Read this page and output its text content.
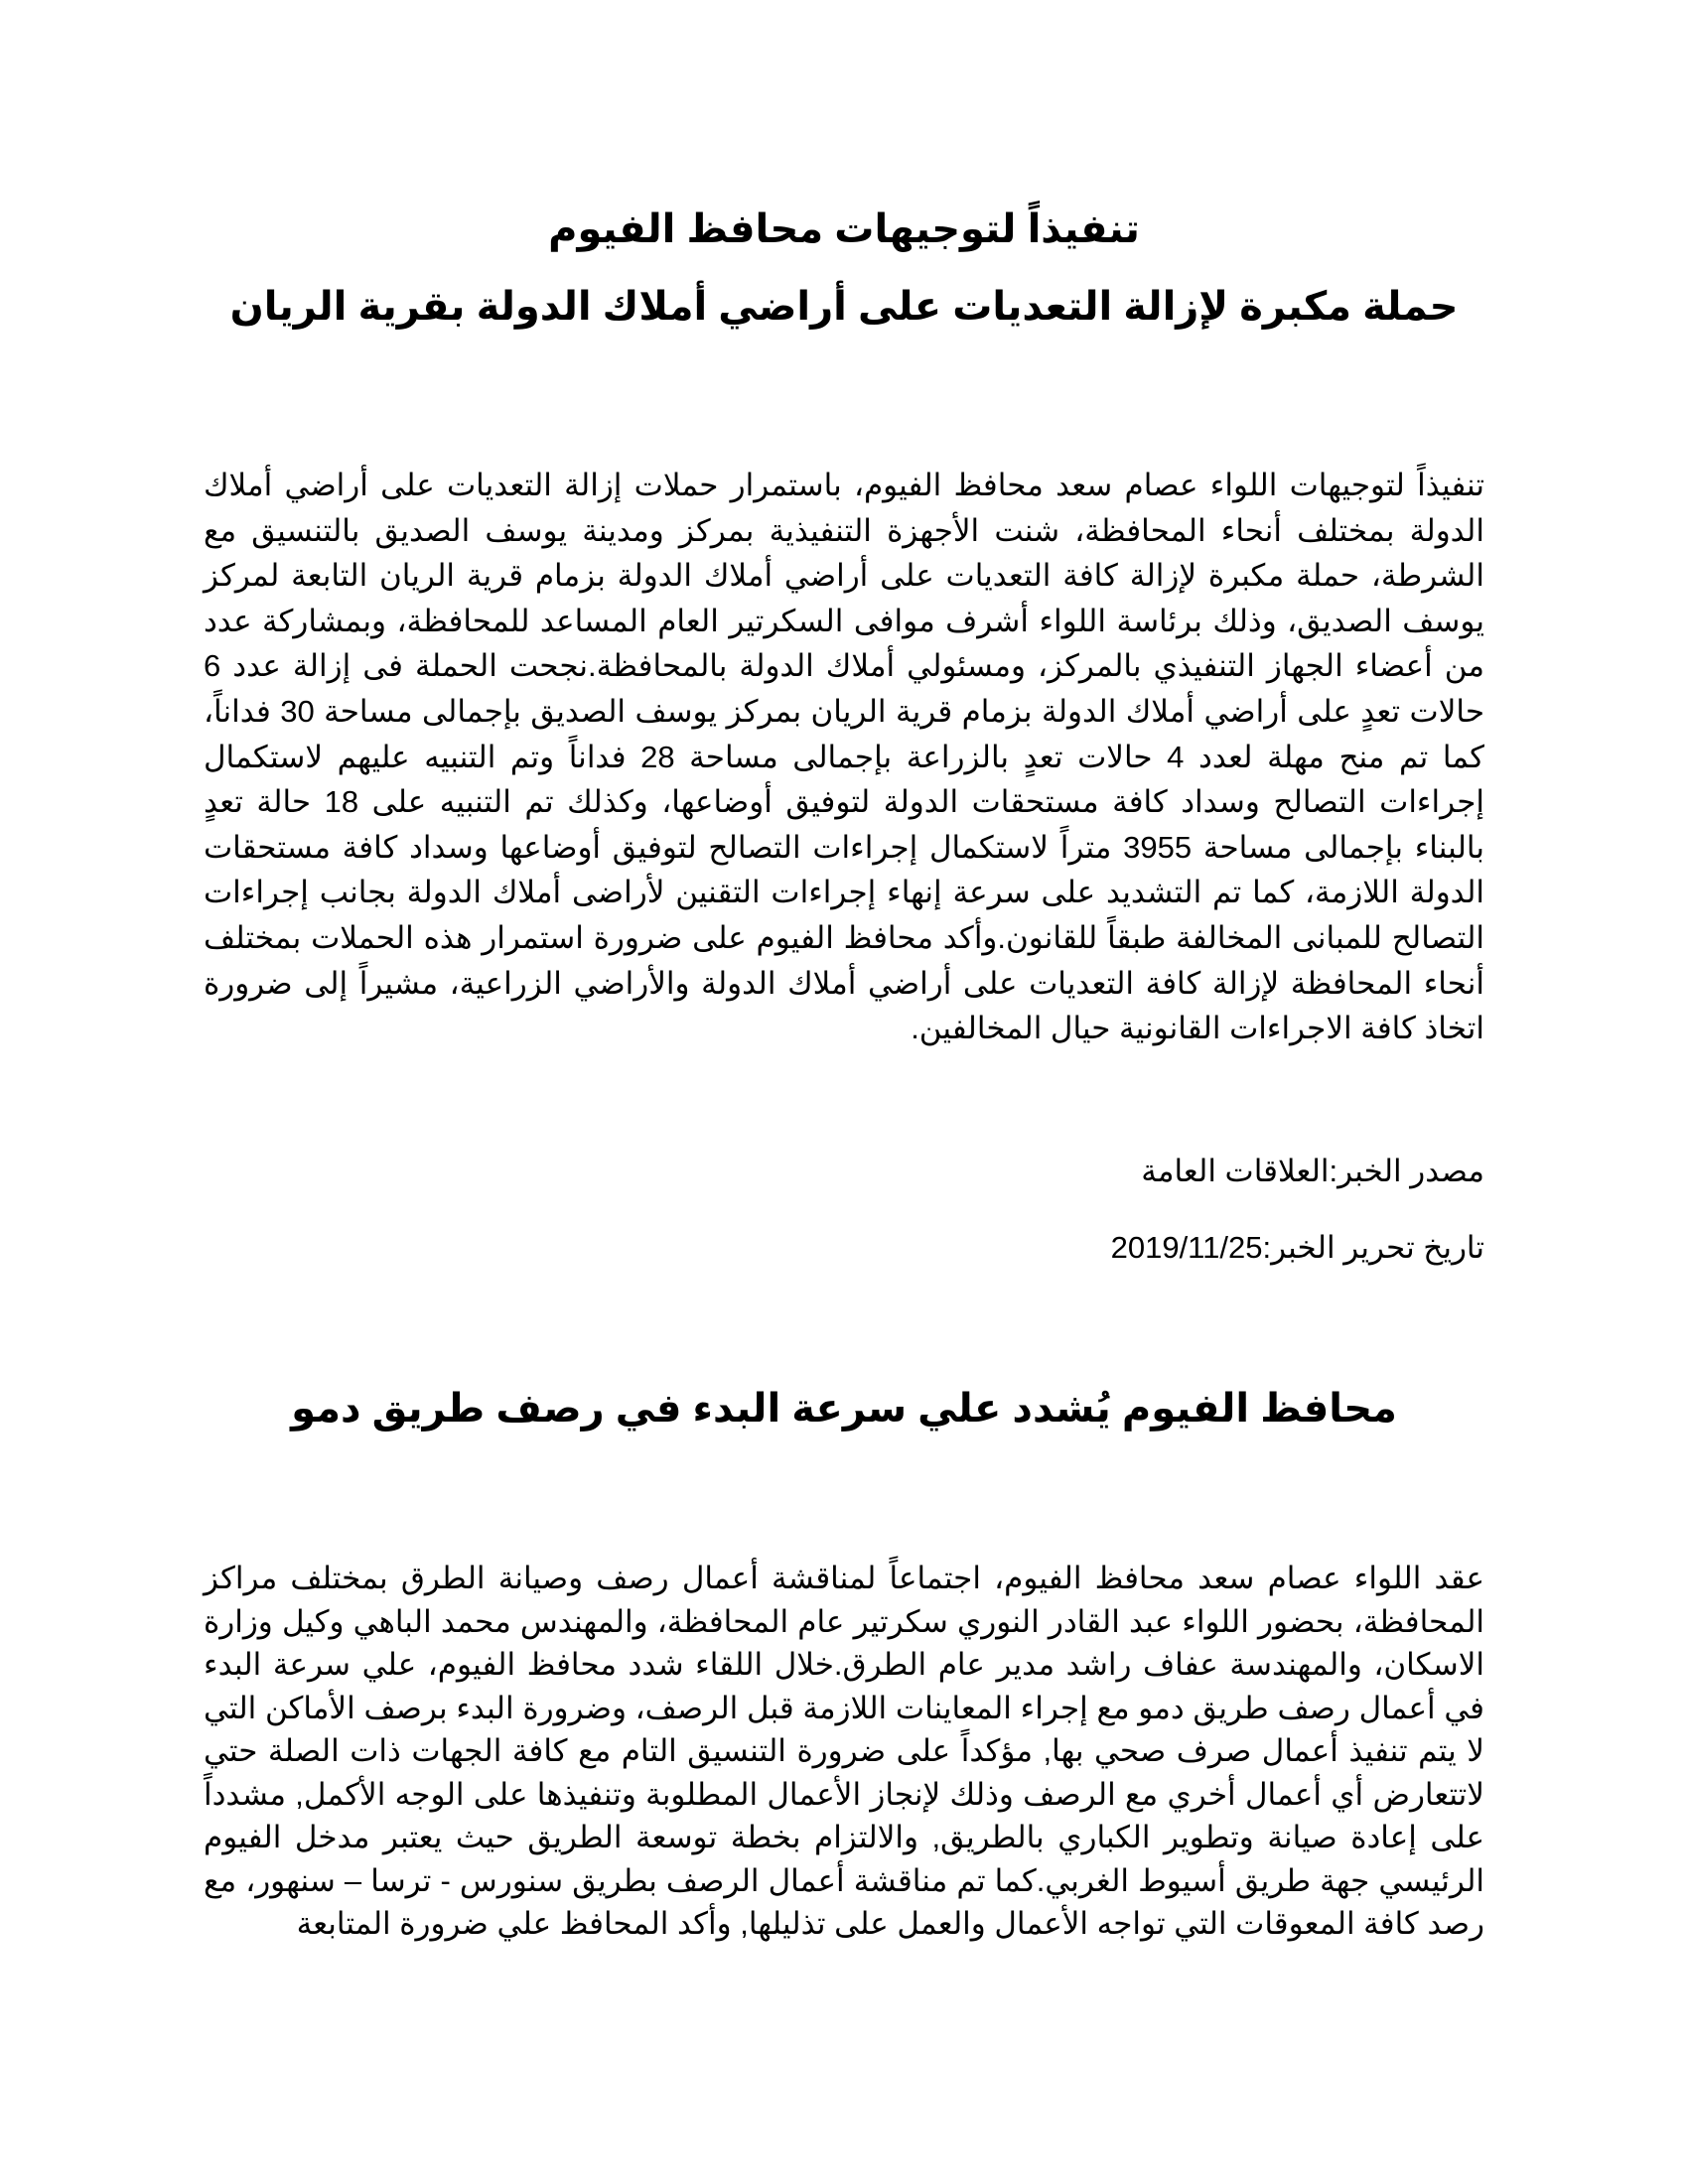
تنفيذاً لتوجيهات محافظ الفيوم
حملة مكبرة لإزالة التعديات على أراضي أملاك الدولة بقرية الريان

تنفيذاً لتوجيهات اللواء عصام سعد محافظ الفيوم، باستمرار حملات إزالة التعديات على أراضي أملاك الدولة بمختلف أنحاء المحافظة، شنت الأجهزة التنفيذية بمركز ومدينة يوسف الصديق بالتنسيق مع الشرطة، حملة مكبرة لإزالة كافة التعديات على أراضي أملاك الدولة بزمام قرية الريان التابعة لمركز يوسف الصديق، وذلك برئاسة اللواء أشرف موافى السكرتير العام المساعد للمحافظة، وبمشاركة عدد من أعضاء الجهاز التنفيذي بالمركز، ومسئولي أملاك الدولة بالمحافظة.نجحت الحملة فى إزالة عدد 6 حالات تعدٍ على أراضي أملاك الدولة بزمام قرية الريان بمركز يوسف الصديق بإجمالى مساحة 30 فداناً، كما تم منح مهلة لعدد 4 حالات تعدٍ بالزراعة بإجمالى مساحة 28 فداناً وتم التنبيه عليهم لاستكمال إجراءات التصالح وسداد كافة مستحقات الدولة لتوفيق أوضاعها، وكذلك تم التنبيه على 18 حالة تعدٍ بالبناء بإجمالى مساحة 3955 متراً لاستكمال إجراءات التصالح لتوفيق أوضاعها وسداد كافة مستحقات الدولة اللازمة، كما تم التشديد على سرعة إنهاء إجراءات التقنين لأراضى أملاك الدولة بجانب إجراءات التصالح للمبانى المخالفة طبقاً للقانون.وأكد محافظ الفيوم على ضرورة استمرار هذه الحملات بمختلف أنحاء المحافظة لإزالة كافة التعديات على أراضي أملاك الدولة والأراضي الزراعية، مشيراً إلى ضرورة اتخاذ كافة الاجراءات القانونية حيال المخالفين.

مصدر الخبر:العلاقات العامة

تاريخ تحرير الخبر:2019/11/25

محافظ الفيوم يُشدد علي سرعة البدء في رصف طريق دمو

عقد اللواء عصام سعد محافظ الفيوم، اجتماعاً لمناقشة أعمال رصف وصيانة الطرق بمختلف مراكز المحافظة، بحضور اللواء عبد القادر النوري سكرتير عام المحافظة، والمهندس محمد الباهي وكيل وزارة الاسكان، والمهندسة عفاف راشد مدير عام الطرق.خلال اللقاء شدد محافظ الفيوم، علي سرعة البدء في أعمال رصف طريق دمو مع إجراء المعاينات اللازمة قبل الرصف، وضرورة البدء برصف الأماكن التي لا يتم تنفيذ أعمال صرف صحي بها, مؤكداً على ضرورة التنسيق التام مع كافة الجهات ذات الصلة حتي لاتتعارض أي أعمال أخري مع الرصف وذلك لإنجاز الأعمال المطلوبة وتنفيذها على الوجه الأكمل, مشدداً على إعادة صيانة وتطوير الكباري بالطريق, والالتزام بخطة توسعة الطريق حيث يعتبر مدخل الفيوم الرئيسي جهة طريق أسيوط الغربي.كما تم مناقشة أعمال الرصف بطريق سنورس - ترسا – سنهور، مع رصد كافة المعوقات التي تواجه الأعمال والعمل على تذليلها, وأكد المحافظ علي ضرورة المتابعة
